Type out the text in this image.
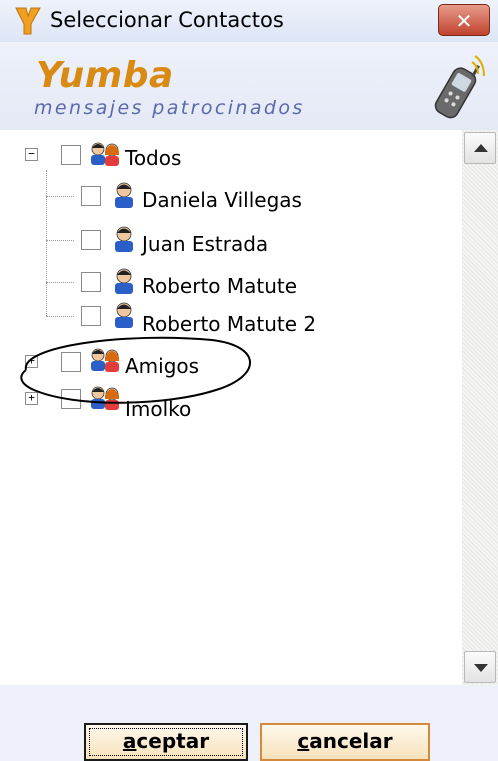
Seleccionar Contactos	✕
Yumba
mensajes patrocinados
−	Todos
Daniela Villegas
Juan Estrada
Roberto Matute
Roberto Matute 2
+	Amigos
+	Imolko
aceptar	cancelar
